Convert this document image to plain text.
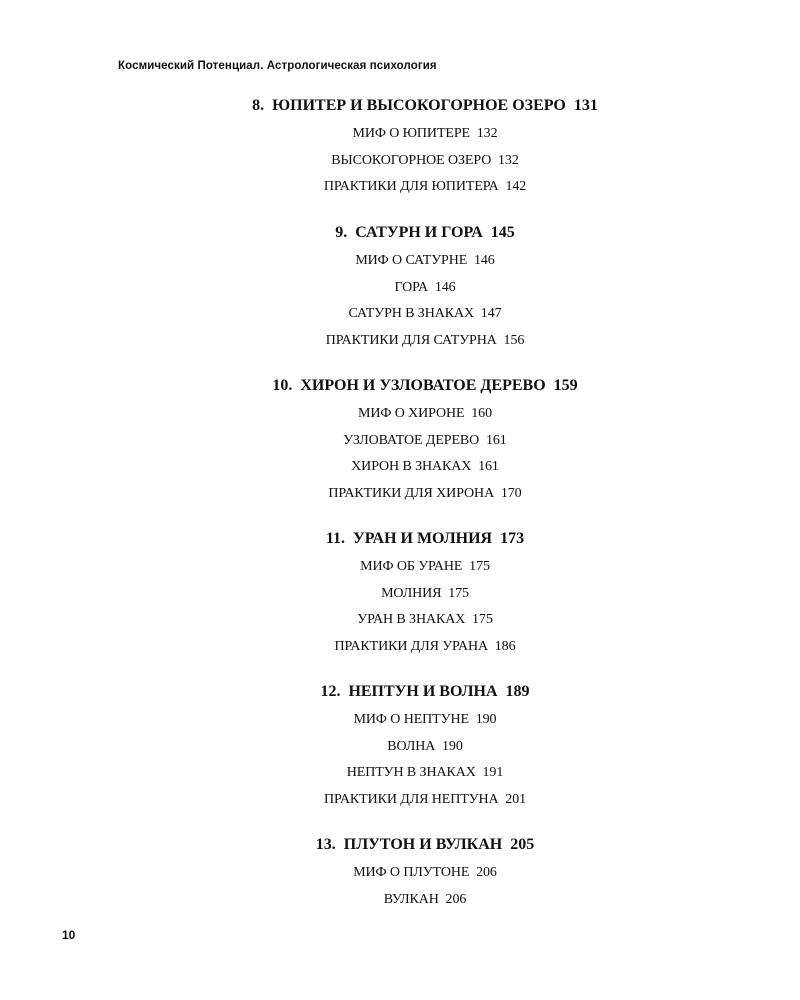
Космический Потенциал. Астрологическая психология
8.  ЮПИТЕР И ВЫСОКОГОРНОЕ ОЗЕРО  131
МИФ О ЮПИТЕРЕ  132
ВЫСОКОГОРНОЕ ОЗЕРО  132
ПРАКТИКИ ДЛЯ ЮПИТЕРА  142
9.  САТУРН И ГОРА  145
МИФ О САТУРНЕ  146
ГОРА  146
САТУРН В ЗНАКАХ  147
ПРАКТИКИ ДЛЯ САТУРНА  156
10.  ХИРОН И УЗЛОВАТОЕ ДЕРЕВО  159
МИФ О ХИРОНЕ  160
УЗЛОВАТОЕ ДЕРЕВО  161
ХИРОН В ЗНАКАХ  161
ПРАКТИКИ ДЛЯ ХИРОНА  170
11.  УРАН И МОЛНИЯ  173
МИФ ОБ УРАНЕ  175
МОЛНИЯ  175
УРАН В ЗНАКАХ  175
ПРАКТИКИ ДЛЯ УРАНА  186
12.  НЕПТУН И ВОЛНА  189
МИФ О НЕПТУНЕ  190
ВОЛНА  190
НЕПТУН В ЗНАКАХ  191
ПРАКТИКИ ДЛЯ НЕПТУНА  201
13.  ПЛУТОН И ВУЛКАН  205
МИФ О ПЛУТОНЕ  206
ВУЛКАН  206
10
